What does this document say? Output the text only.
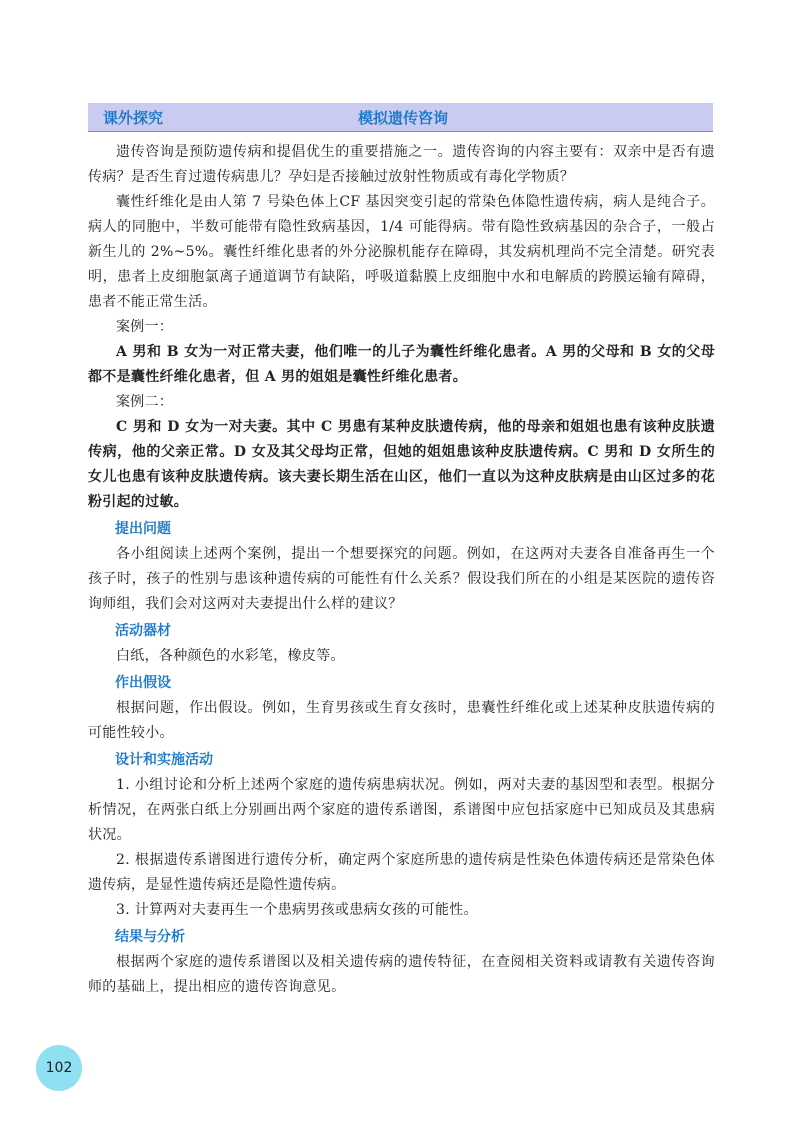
课外探究	模拟遗传咨询

遗传咨询是预防遗传病和提倡优生的重要措施之一。遗传咨询的内容主要有：双亲中是否有遗传病？是否生育过遗传病患儿？孕妇是否接触过放射性物质或有毒化学物质？

囊性纤维化是由人第 7 号染色体上CF 基因突变引起的常染色体隐性遗传病，病人是纯合子。病人的同胞中，半数可能带有隐性致病基因，1/4 可能得病。带有隐性致病基因的杂合子，一般占新生儿的 2%~5%。囊性纤维化患者的外分泌腺机能存在障碍，其发病机理尚不完全清楚。研究表明，患者上皮细胞氯离子通道调节有缺陷，呼吸道黏膜上皮细胞中水和电解质的跨膜运输有障碍，患者不能正常生活。

案例一：

A 男和 B 女为一对正常夫妻，他们唯一的儿子为囊性纤维化患者。A 男的父母和 B 女的父母都不是囊性纤维化患者，但 A 男的姐姐是囊性纤维化患者。

案例二：

C 男和 D 女为一对夫妻。其中 C 男患有某种皮肤遗传病，他的母亲和姐姐也患有该种皮肤遗传病，他的父亲正常。D 女及其父母均正常，但她的姐姐患该种皮肤遗传病。C 男和 D 女所生的女儿也患有该种皮肤遗传病。该夫妻长期生活在山区，他们一直以为这种皮肤病是由山区过多的花粉引起的过敏。

提出问题

各小组阅读上述两个案例，提出一个想要探究的问题。例如，在这两对夫妻各自准备再生一个孩子时，孩子的性别与患该种遗传病的可能性有什么关系？假设我们所在的小组是某医院的遗传咨询师组，我们会对这两对夫妻提出什么样的建议？

活动器材

白纸，各种颜色的水彩笔，橡皮等。

作出假设

根据问题，作出假设。例如，生育男孩或生育女孩时，患囊性纤维化或上述某种皮肤遗传病的可能性较小。

设计和实施活动

1. 小组讨论和分析上述两个家庭的遗传病患病状况。例如，两对夫妻的基因型和表型。根据分析情况，在两张白纸上分别画出两个家庭的遗传系谱图，系谱图中应包括家庭中已知成员及其患病状况。

2. 根据遗传系谱图进行遗传分析，确定两个家庭所患的遗传病是性染色体遗传病还是常染色体遗传病，是显性遗传病还是隐性遗传病。

3. 计算两对夫妻再生一个患病男孩或患病女孩的可能性。

结果与分析

根据两个家庭的遗传系谱图以及相关遗传病的遗传特征，在查阅相关资料或请教有关遗传咨询师的基础上，提出相应的遗传咨询意见。

102
